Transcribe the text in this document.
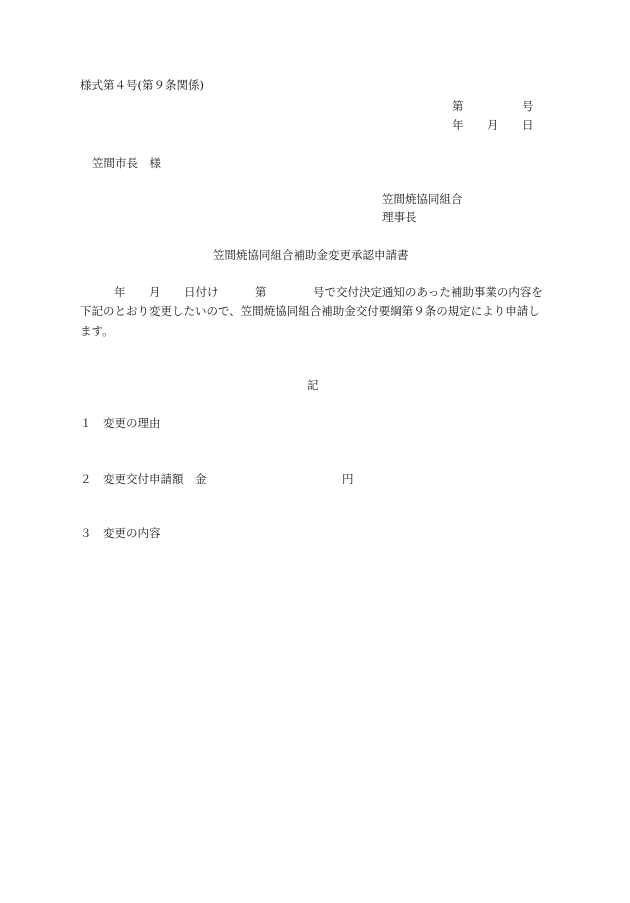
様式第４号(第９条関係)
第	号
年 月 日
笠間市長　様
笠間焼協同組合
理事長
笠間焼協同組合補助金変更承認申請書
年 月 日付け	第	号で交付決定通知のあった補助事業の内容を
下記のとおり変更したいので、笠間焼協同組合補助金交付要綱第９条の規定により申請し
ます。
記
１ 変更の理由
２ 変更交付申請額　金	円
３ 変更の内容
